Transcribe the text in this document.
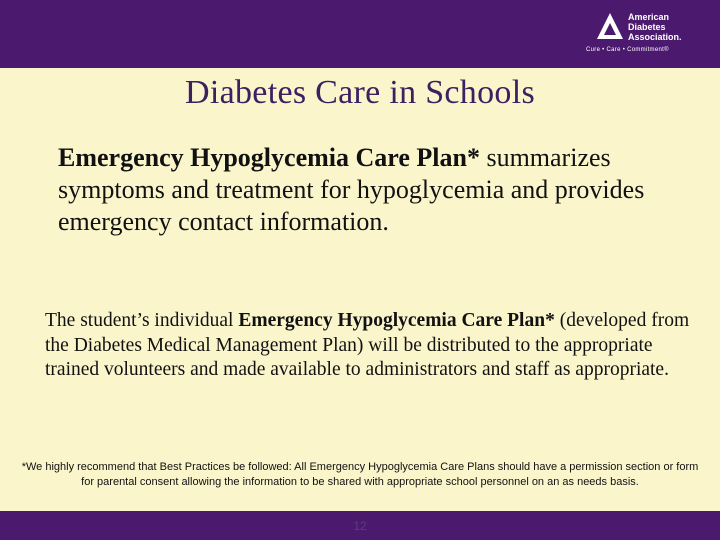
American
Diabetes
Association.
Cure • Care • Commitment®
Diabetes Care in Schools
Emergency Hypoglycemia Care Plan* summarizes symptoms and treatment for hypoglycemia and provides emergency contact information.
The student’s individual Emergency Hypoglycemia Care Plan* (developed from the Diabetes Medical Management Plan) will be distributed to the appropriate trained volunteers and made available to administrators and staff as appropriate.
*We highly recommend that Best Practices be followed: All Emergency Hypoglycemia Care Plans should have a permission section or form for parental consent allowing the information to be shared with appropriate school personnel on an as needs basis.
12
